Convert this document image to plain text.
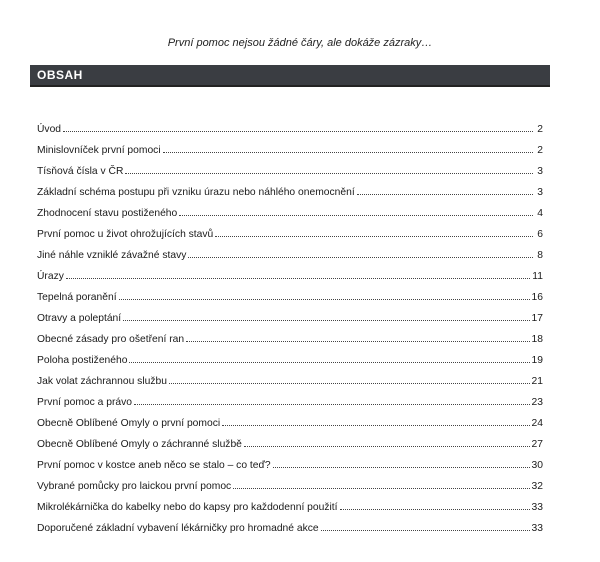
První pomoc nejsou žádné čáry, ale dokáže zázraky…
OBSAH
Úvod	2
Minislovníček první pomoci	2
Tísňová čísla v ČR	3
Základní schéma postupu při vzniku úrazu nebo náhlého onemocnění	3
Zhodnocení stavu postiženého	4
První pomoc u život ohrožujících stavů	6
Jiné náhle vzniklé závažné stavy	8
Úrazy	11
Tepelná poranění	16
Otravy a poleptání	17
Obecné zásady pro ošetření ran	18
Poloha postiženého	19
Jak volat záchrannou službu	21
První pomoc a právo	23
Obecně Oblíbené Omyly o první pomoci	24
Obecně Oblíbené Omyly o záchranné službě	27
První pomoc v kostce aneb něco se stalo – co teď?	30
Vybrané pomůcky pro laickou první pomoc	32
Mikrolékárnička do kabelky nebo do kapsy pro každodenní použití	33
Doporučené základní vybavení lékárničky pro hromadné akce	33
